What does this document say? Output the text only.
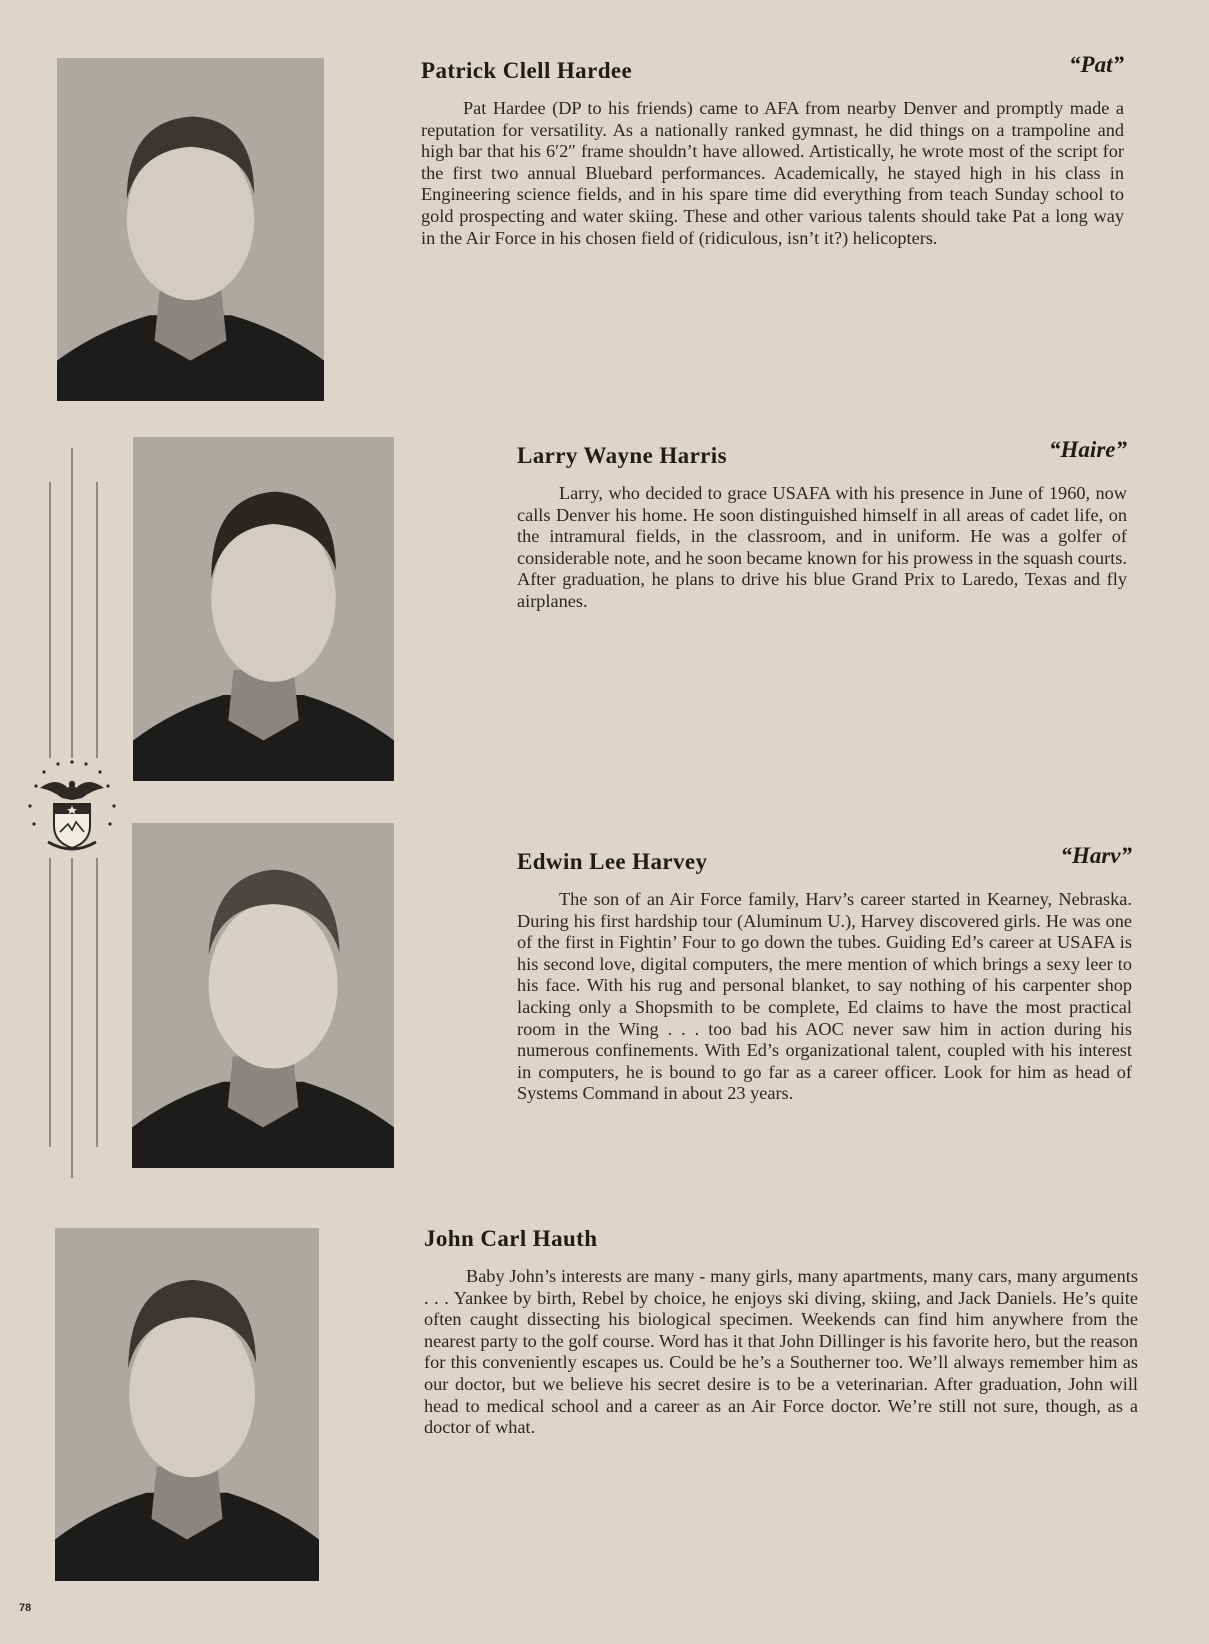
Patrick Clell Hardee	“Pat”

Pat Hardee (DP to his friends) came to AFA from nearby Denver and promptly made a reputation for versatility. As a nationally ranked gymnast, he did things on a trampoline and high bar that his 6′2″ frame shouldn’t have allowed. Artistically, he wrote most of the script for the first two annual Bluebard performances. Academically, he stayed high in his class in Engineering science fields, and in his spare time did everything from teach Sunday school to gold prospecting and water skiing. These and other various talents should take Pat a long way in the Air Force in his chosen field of (ridiculous, isn’t it?) helicopters.

Larry Wayne Harris	“Haire”

Larry, who decided to grace USAFA with his presence in June of 1960, now calls Denver his home. He soon distinguished himself in all areas of cadet life, on the intramural fields, in the classroom, and in uniform. He was a golfer of considerable note, and he soon became known for his prowess in the squash courts. After graduation, he plans to drive his blue Grand Prix to Laredo, Texas and fly airplanes.

Edwin Lee Harvey	“Harv”

The son of an Air Force family, Harv’s career started in Kearney, Nebraska. During his first hardship tour (Aluminum U.), Harvey discovered girls. He was one of the first in Fightin’ Four to go down the tubes. Guiding Ed’s career at USAFA is his second love, digital computers, the mere mention of which brings a sexy leer to his face. With his rug and personal blanket, to say nothing of his carpenter shop lacking only a Shopsmith to be complete, Ed claims to have the most practical room in the Wing . . . too bad his AOC never saw him in action during his numerous confinements. With Ed’s organizational talent, coupled with his interest in computers, he is bound to go far as a career officer. Look for him as head of Systems Command in about 23 years.

John Carl Hauth

Baby John’s interests are many - many girls, many apartments, many cars, many arguments . . . Yankee by birth, Rebel by choice, he enjoys ski diving, skiing, and Jack Daniels. He’s quite often caught dissecting his biological specimen. Weekends can find him anywhere from the nearest party to the golf course. Word has it that John Dillinger is his favorite hero, but the reason for this conveniently escapes us. Could be he’s a Southerner too. We’ll always remember him as our doctor, but we believe his secret desire is to be a veterinarian. After graduation, John will head to medical school and a career as an Air Force doctor. We’re still not sure, though, as a doctor of what.

78
